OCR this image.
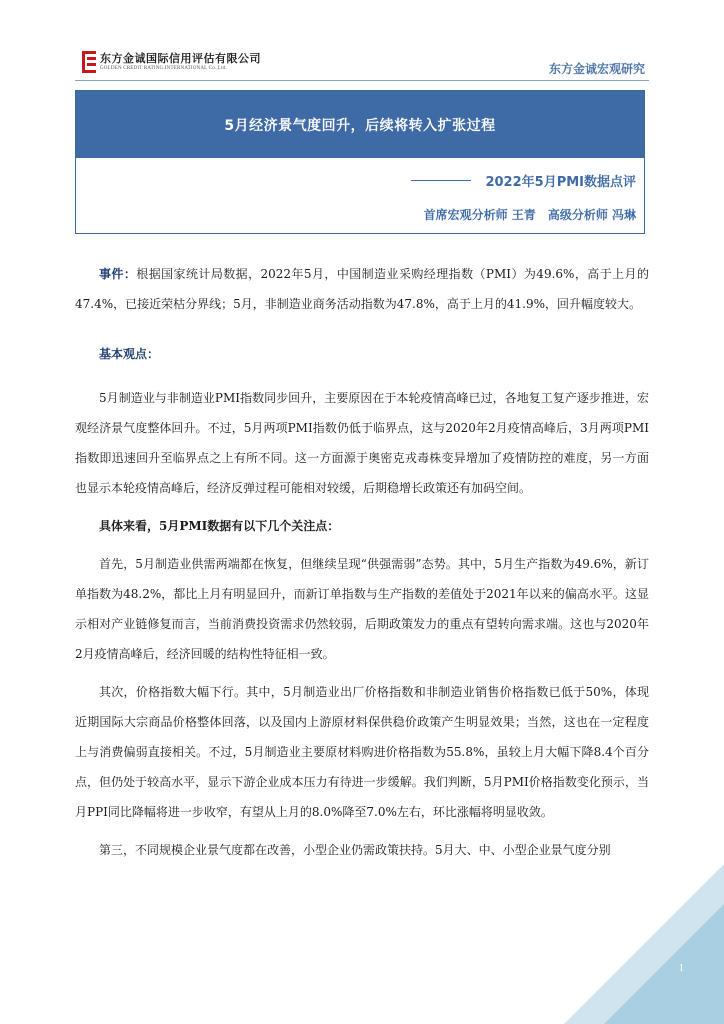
东方金诚国际信用评估有限公司
GOLDEN CREDIT RATING INTERNATIONAL Co.,Ltd.	东方金诚宏观研究
5月经济景气度回升，后续将转入扩张过程
2022年5月PMI数据点评
首席宏观分析师 王青 高级分析师 冯琳

事件：根据国家统计局数据，2022年5月，中国制造业采购经理指数（PMI）为49.6%，高于上月的47.4%，已接近荣枯分界线；5月，非制造业商务活动指数为47.8%，高于上月的41.9%，回升幅度较大。

基本观点：

5月制造业与非制造业PMI指数同步回升，主要原因在于本轮疫情高峰已过，各地复工复产逐步推进，宏观经济景气度整体回升。不过，5月两项PMI指数仍低于临界点，这与2020年2月疫情高峰后，3月两项PMI指数即迅速回升至临界点之上有所不同。这一方面源于奥密克戎毒株变异增加了疫情防控的难度，另一方面也显示本轮疫情高峰后，经济反弹过程可能相对较缓，后期稳增长政策还有加码空间。

具体来看，5月PMI数据有以下几个关注点：

首先，5月制造业供需两端都在恢复，但继续呈现“供强需弱”态势。其中，5月生产指数为49.6%，新订单指数为48.2%，都比上月有明显回升，而新订单指数与生产指数的差值处于2021年以来的偏高水平。这显示相对产业链修复而言，当前消费投资需求仍然较弱，后期政策发力的重点有望转向需求端。这也与2020年2月疫情高峰后，经济回暖的结构性特征相一致。

其次，价格指数大幅下行。其中，5月制造业出厂价格指数和非制造业销售价格指数已低于50%，体现近期国际大宗商品价格整体回落，以及国内上游原材料保供稳价政策产生明显效果；当然，这也在一定程度上与消费偏弱直接相关。不过，5月制造业主要原材料购进价格指数为55.8%，虽较上月大幅下降8.4个百分点，但仍处于较高水平，显示下游企业成本压力有待进一步缓解。我们判断，5月PMI价格指数变化预示，当月PPI同比降幅将进一步收窄，有望从上月的8.0%降至7.0%左右，环比涨幅将明显收敛。

第三，不同规模企业景气度都在改善，小型企业仍需政策扶持。5月大、中、小型企业景气度分别

1
